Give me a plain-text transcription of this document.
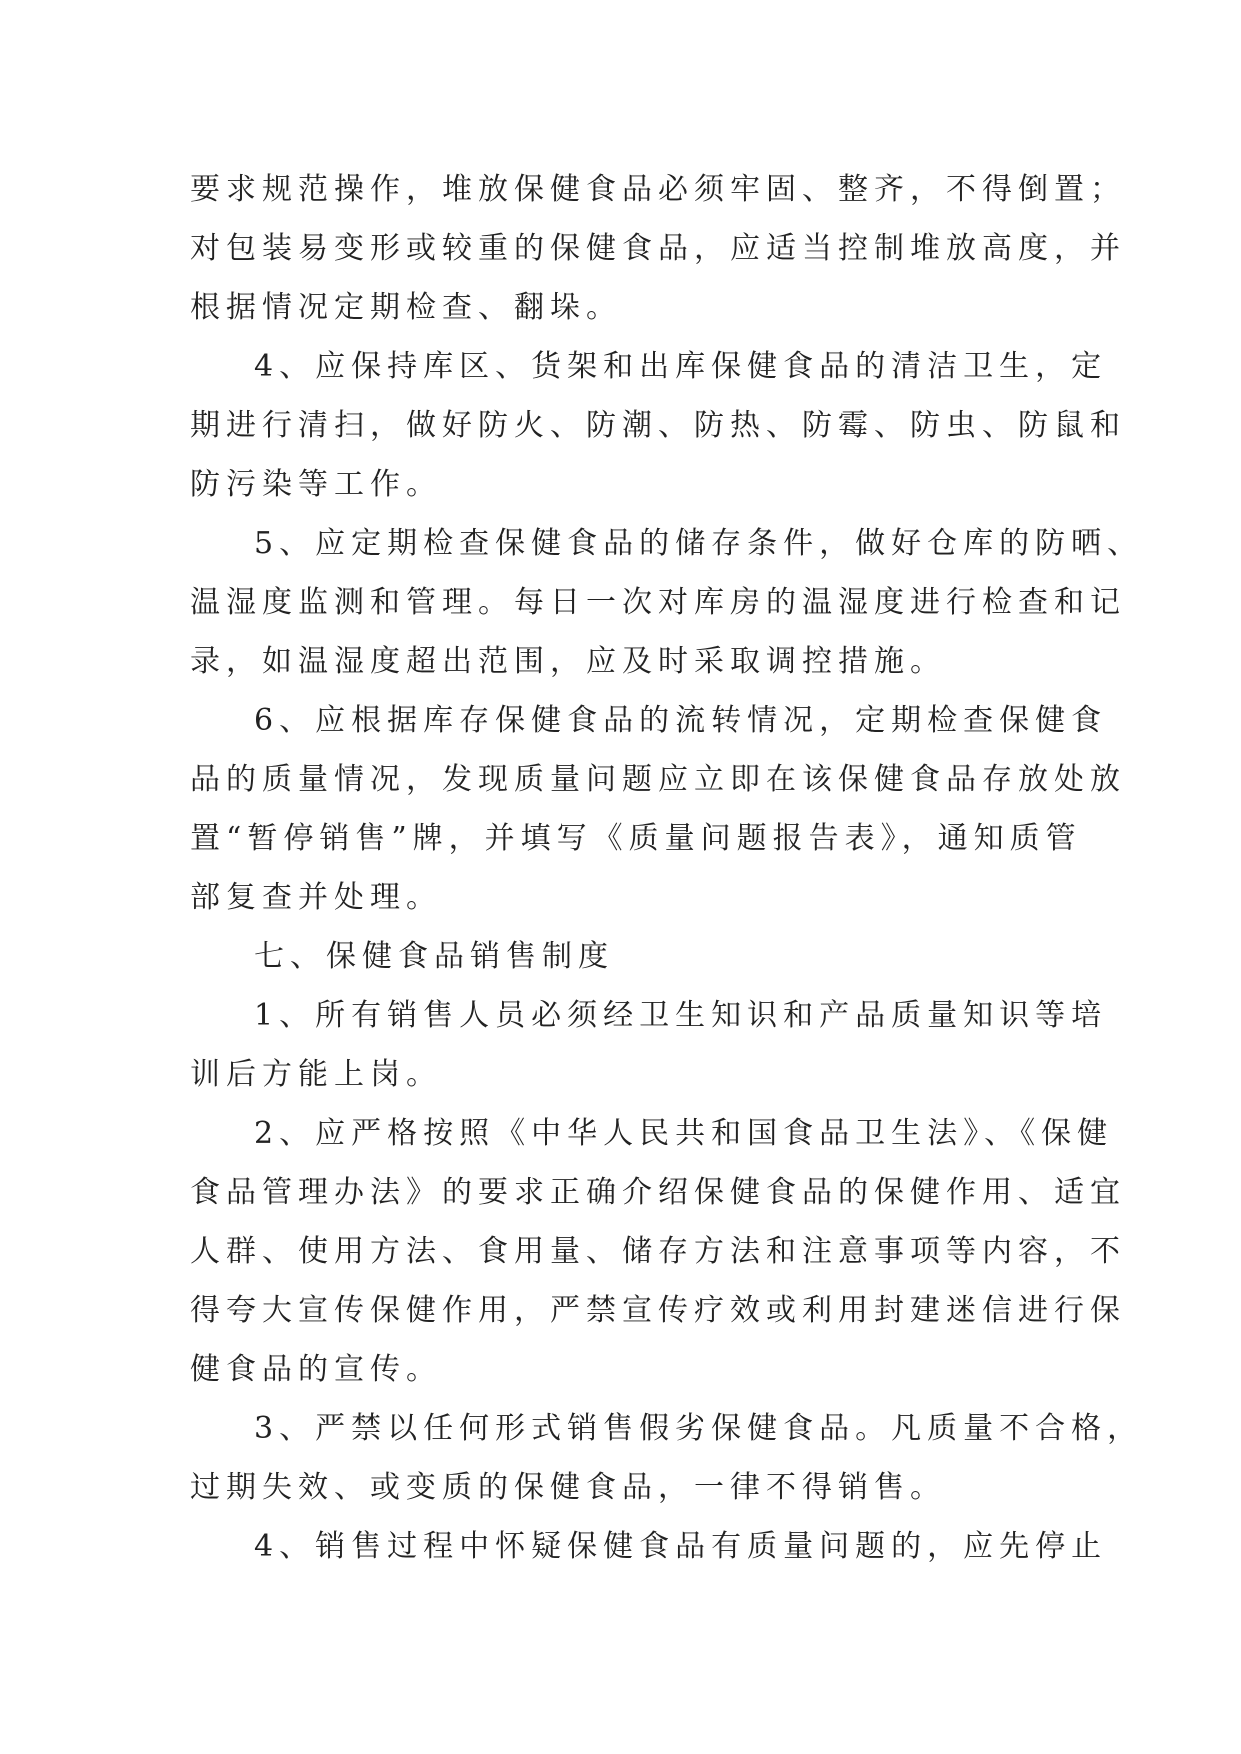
要求规范操作，堆放保健食品必须牢固、整齐，不得倒置；
对包装易变形或较重的保健食品，应适当控制堆放高度，并
根据情况定期检查、翻垛。
4、应保持库区、货架和出库保健食品的清洁卫生，定
期进行清扫，做好防火、防潮、防热、防霉、防虫、防鼠和
防污染等工作。
5、应定期检查保健食品的储存条件，做好仓库的防晒、
温湿度监测和管理。每日一次对库房的温湿度进行检查和记
录，如温湿度超出范围，应及时采取调控措施。
6、应根据库存保健食品的流转情况，定期检查保健食
品的质量情况，发现质量问题应立即在该保健食品存放处放
置“暂停销售”牌，并填写《质量问题报告表》，通知质管
部复查并处理。
七、保健食品销售制度
1、所有销售人员必须经卫生知识和产品质量知识等培
训后方能上岗。
2、应严格按照《中华人民共和国食品卫生法》、《保健
食品管理办法》的要求正确介绍保健食品的保健作用、适宜
人群、使用方法、食用量、储存方法和注意事项等内容，不
得夸大宣传保健作用，严禁宣传疗效或利用封建迷信进行保
健食品的宣传。
3、严禁以任何形式销售假劣保健食品。凡质量不合格，
过期失效、或变质的保健食品，一律不得销售。
4、销售过程中怀疑保健食品有质量问题的，应先停止
